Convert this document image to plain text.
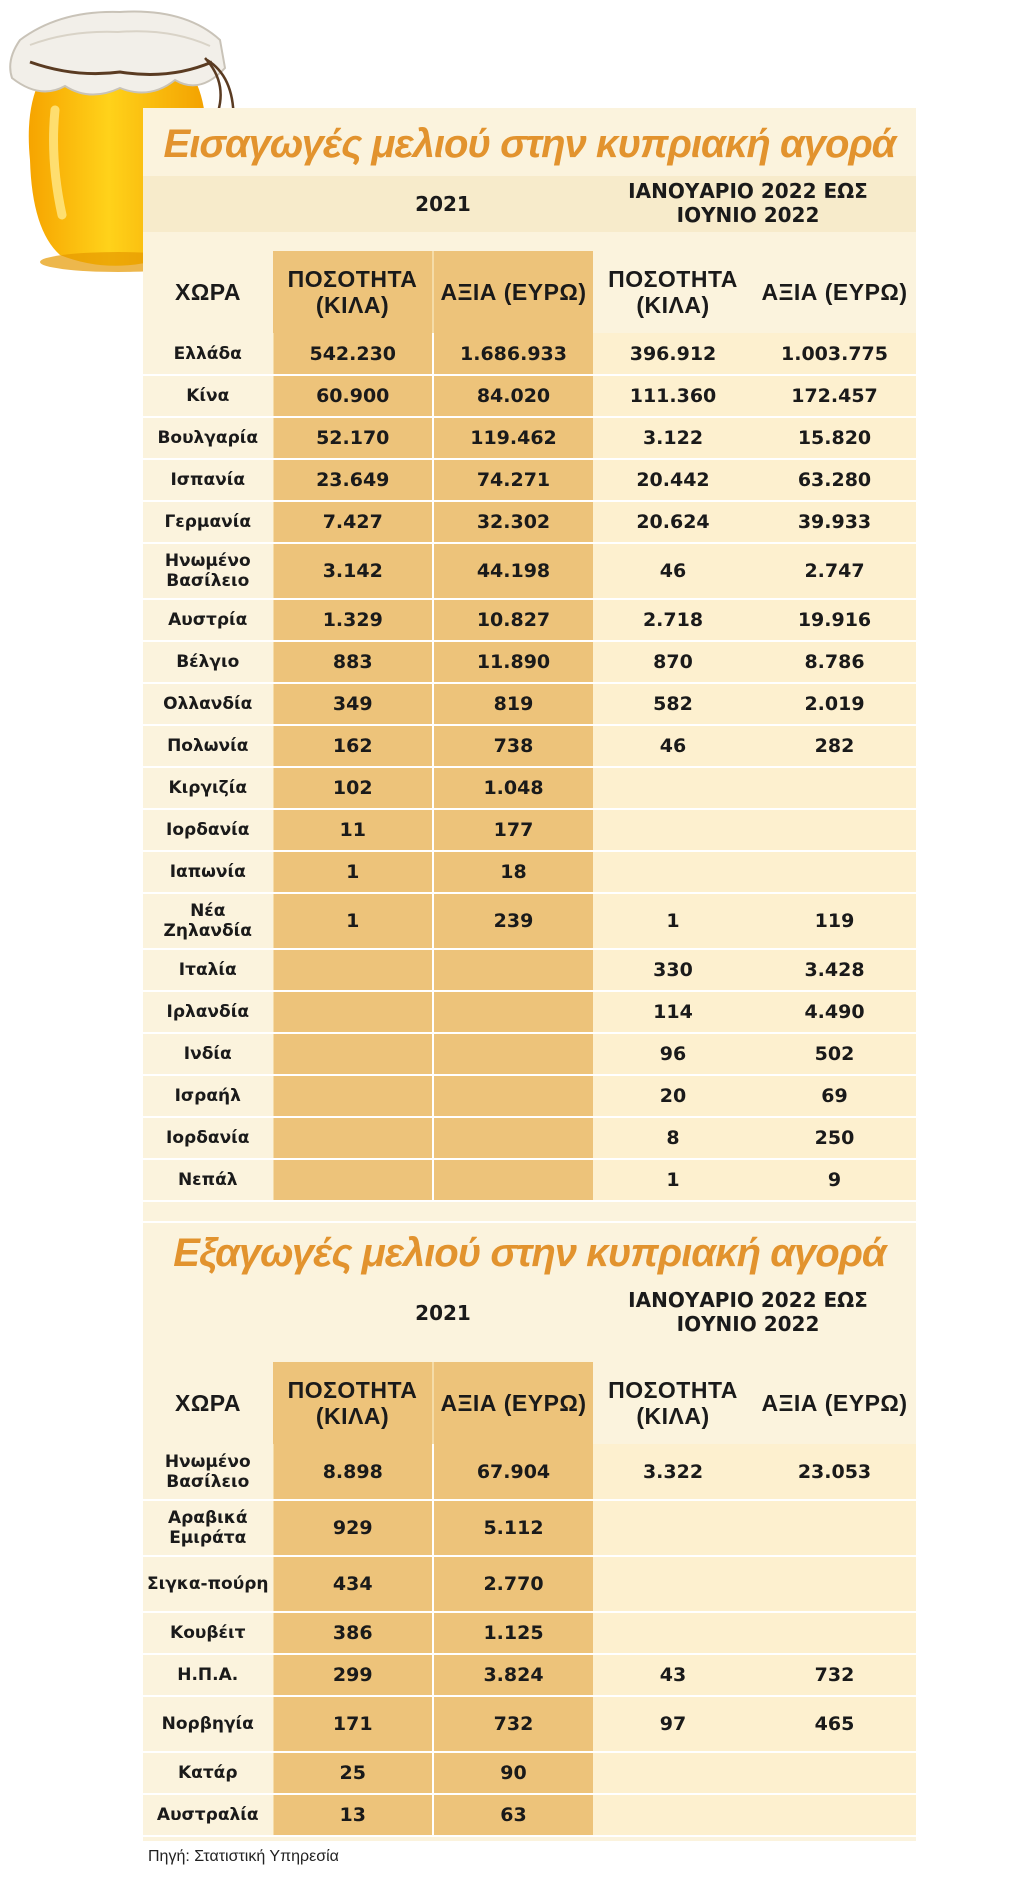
Εισαγωγές μελιού στην κυπριακή αγορά
2021
ΙΑΝΟΥΑΡΙΟ 2022 ΕΩΣ ΙΟΥΝΙΟ 2022
ΧΩΡΑ	ΠΟΣΟΤΗΤΑ (ΚΙΛΑ)	ΑΞΙΑ (ΕΥΡΩ)	ΠΟΣΟΤΗΤΑ (ΚΙΛΑ)	ΑΞΙΑ (ΕΥΡΩ)
Ελλάδα	542.230	1.686.933	396.912	1.003.775
Κίνα	60.900	84.020	111.360	172.457
Βουλγαρία	52.170	119.462	3.122	15.820
Ισπανία	23.649	74.271	20.442	63.280
Γερμανία	7.427	32.302	20.624	39.933
Ηνωμένο Βασίλειο	3.142	44.198	46	2.747
Αυστρία	1.329	10.827	2.718	19.916
Βέλγιο	883	11.890	870	8.786
Ολλανδία	349	819	582	2.019
Πολωνία	162	738	46	282
Κιργιζία	102	1.048		
Ιορδανία	11	177		
Ιαπωνία	1	18		
Νέα Ζηλανδία	1	239	1	119
Ιταλία			330	3.428
Ιρλανδία			114	4.490
Ινδία			96	502
Ισραήλ			20	69
Ιορδανία			8	250
Νεπάλ			1	9
Εξαγωγές μελιού στην κυπριακή αγορά
2021
ΙΑΝΟΥΑΡΙΟ 2022 ΕΩΣ ΙΟΥΝΙΟ 2022
ΧΩΡΑ	ΠΟΣΟΤΗΤΑ (ΚΙΛΑ)	ΑΞΙΑ (ΕΥΡΩ)	ΠΟΣΟΤΗΤΑ (ΚΙΛΑ)	ΑΞΙΑ (ΕΥΡΩ)
Ηνωμένο Βασίλειο	8.898	67.904	3.322	23.053
Αραβικά Εμιράτα	929	5.112		
Σιγκα-πούρη	434	2.770		
Κουβέιτ	386	1.125		
Η.Π.Α.	299	3.824	43	732
Νορβηγία	171	732	97	465
Κατάρ	25	90		
Αυστραλία	13	63		
Πηγή: Στατιστική Υπηρεσία
